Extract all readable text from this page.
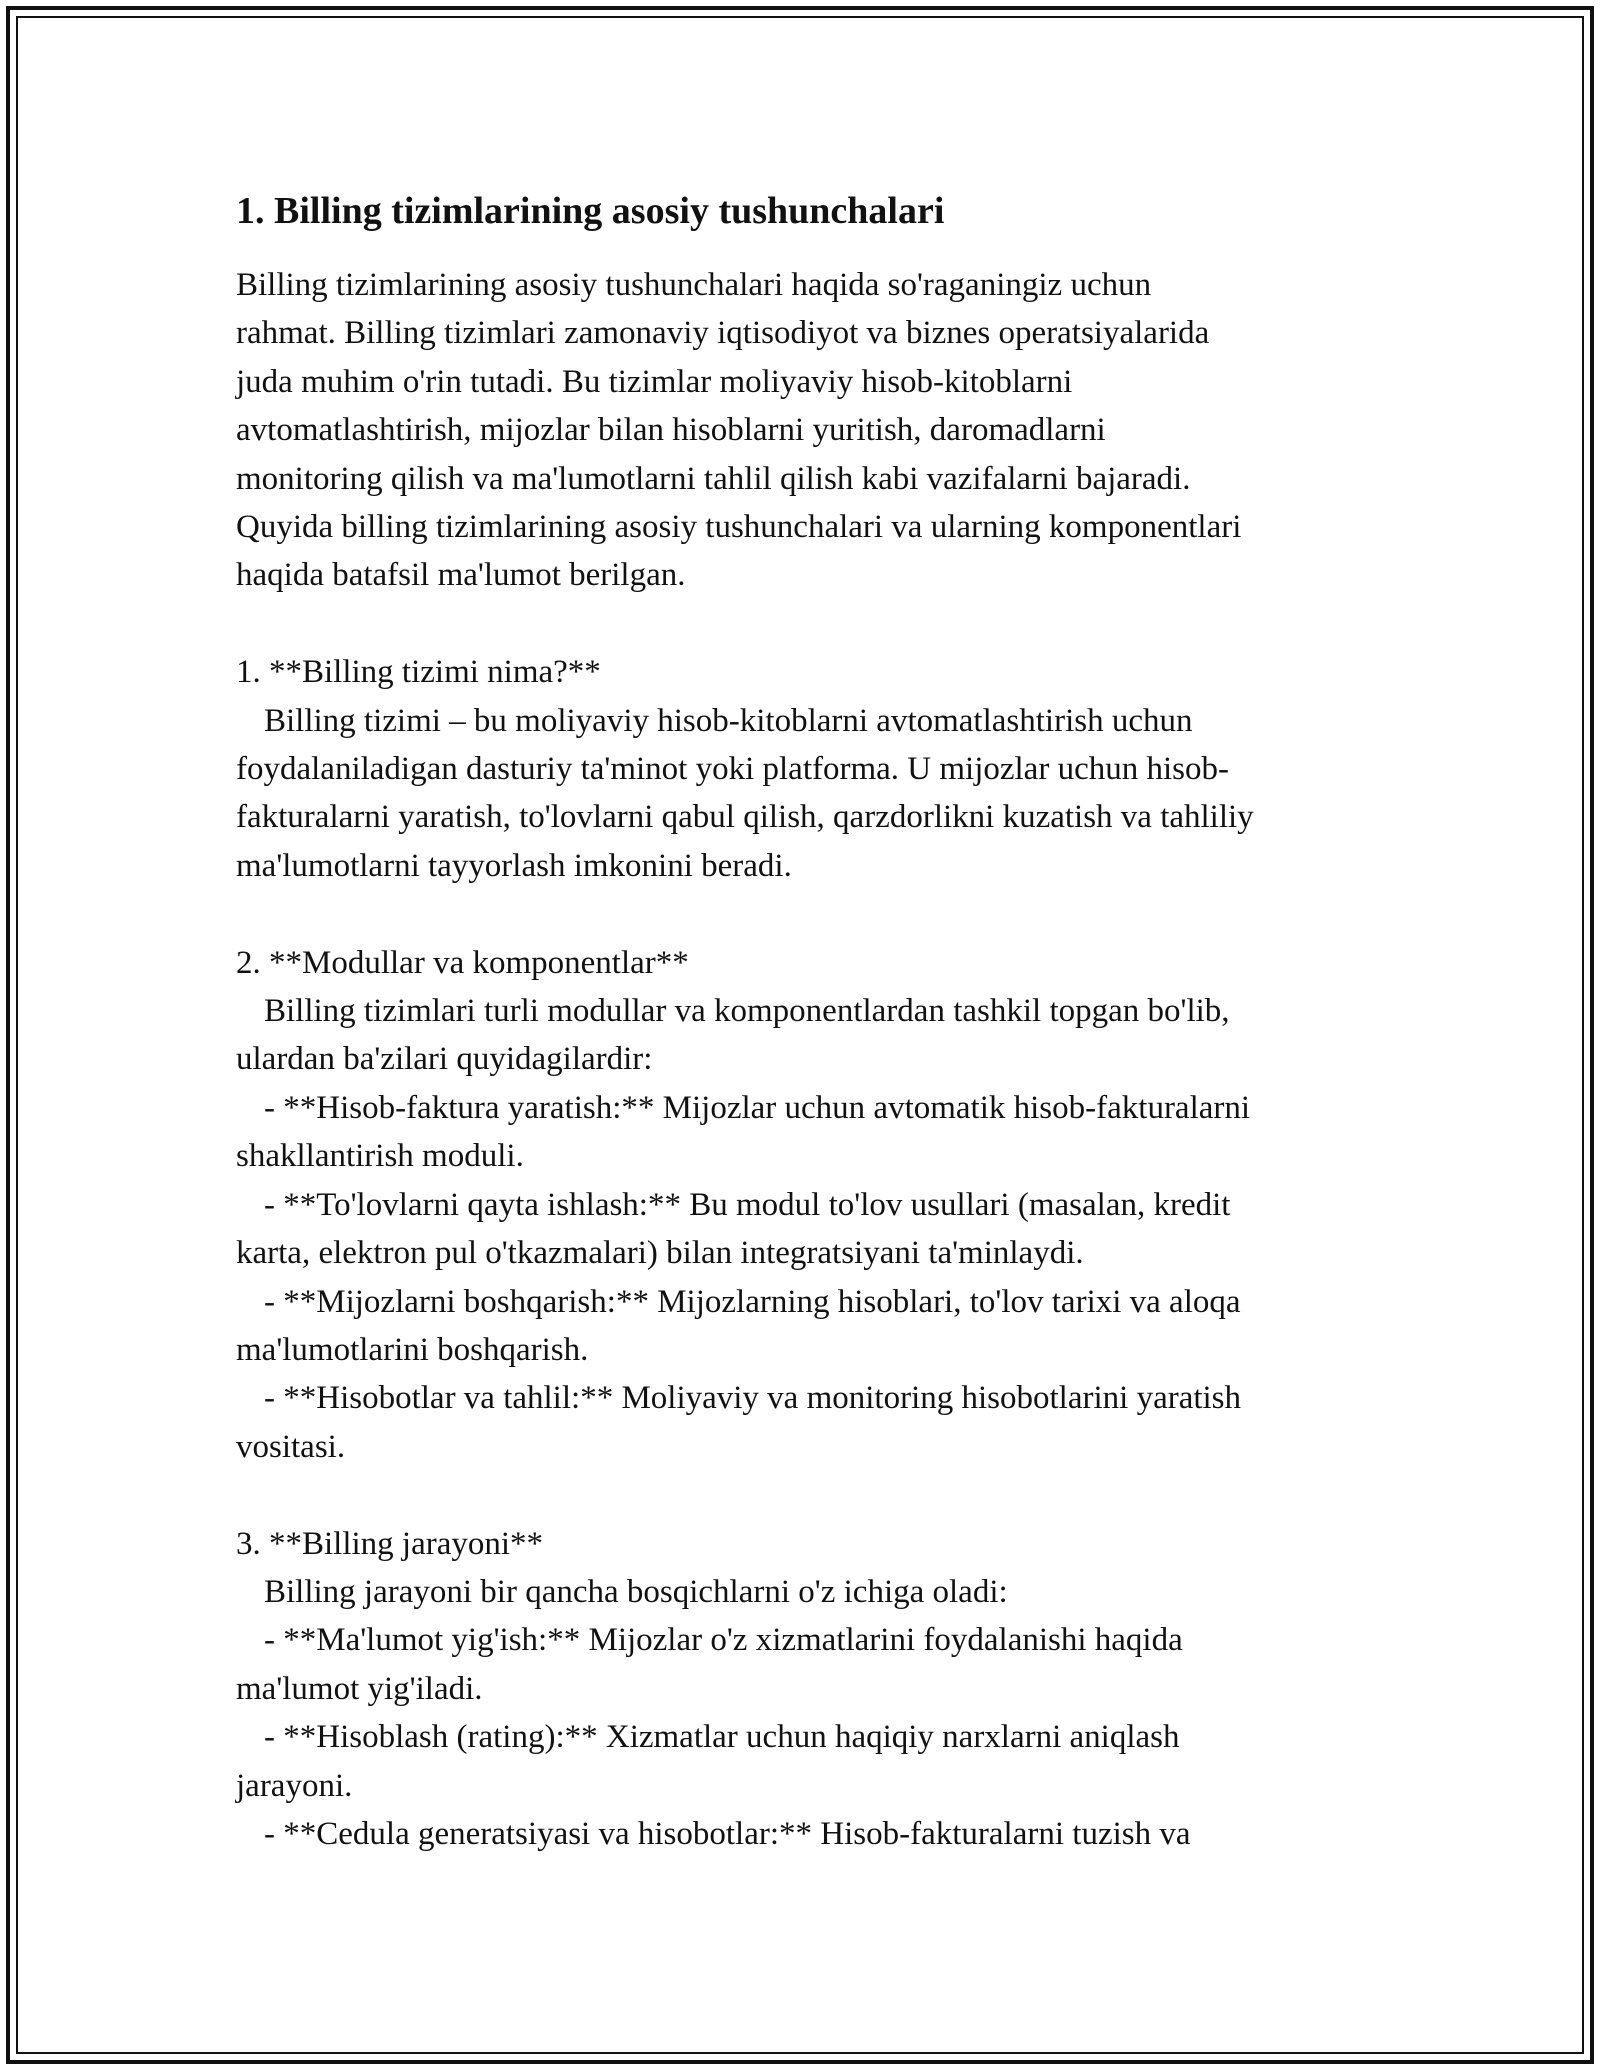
1. Billing tizimlarining asosiy tushunchalari
Billing tizimlarining asosiy tushunchalari haqida so'raganingiz uchun
rahmat. Billing tizimlari zamonaviy iqtisodiyot va biznes operatsiyalarida
juda muhim o'rin tutadi. Bu tizimlar moliyaviy hisob-kitoblarni
avtomatlashtirish, mijozlar bilan hisoblarni yuritish, daromadlarni
monitoring qilish va ma'lumotlarni tahlil qilish kabi vazifalarni bajaradi.
Quyida billing tizimlarining asosiy tushunchalari va ularning komponentlari
haqida batafsil ma'lumot berilgan.
1. **Billing tizimi nima?**
Billing tizimi – bu moliyaviy hisob-kitoblarni avtomatlashtirish uchun
foydalaniladigan dasturiy ta'minot yoki platforma. U mijozlar uchun hisob-
fakturalarni yaratish, to'lovlarni qabul qilish, qarzdorlikni kuzatish va tahliliy
ma'lumotlarni tayyorlash imkonini beradi.
2. **Modullar va komponentlar**
Billing tizimlari turli modullar va komponentlardan tashkil topgan bo'lib,
ulardan ba'zilari quyidagilardir:
- **Hisob-faktura yaratish:** Mijozlar uchun avtomatik hisob-fakturalarni
shakllantirish moduli.
- **To'lovlarni qayta ishlash:** Bu modul to'lov usullari (masalan, kredit
karta, elektron pul o'tkazmalari) bilan integratsiyani ta'minlaydi.
- **Mijozlarni boshqarish:** Mijozlarning hisoblari, to'lov tarixi va aloqa
ma'lumotlarini boshqarish.
- **Hisobotlar va tahlil:** Moliyaviy va monitoring hisobotlarini yaratish
vositasi.
3. **Billing jarayoni**
Billing jarayoni bir qancha bosqichlarni o'z ichiga oladi:
- **Ma'lumot yig'ish:** Mijozlar o'z xizmatlarini foydalanishi haqida
ma'lumot yig'iladi.
- **Hisoblash (rating):** Xizmatlar uchun haqiqiy narxlarni aniqlash
jarayoni.
- **Cedula generatsiyasi va hisobotlar:** Hisob-fakturalarni tuzish va
